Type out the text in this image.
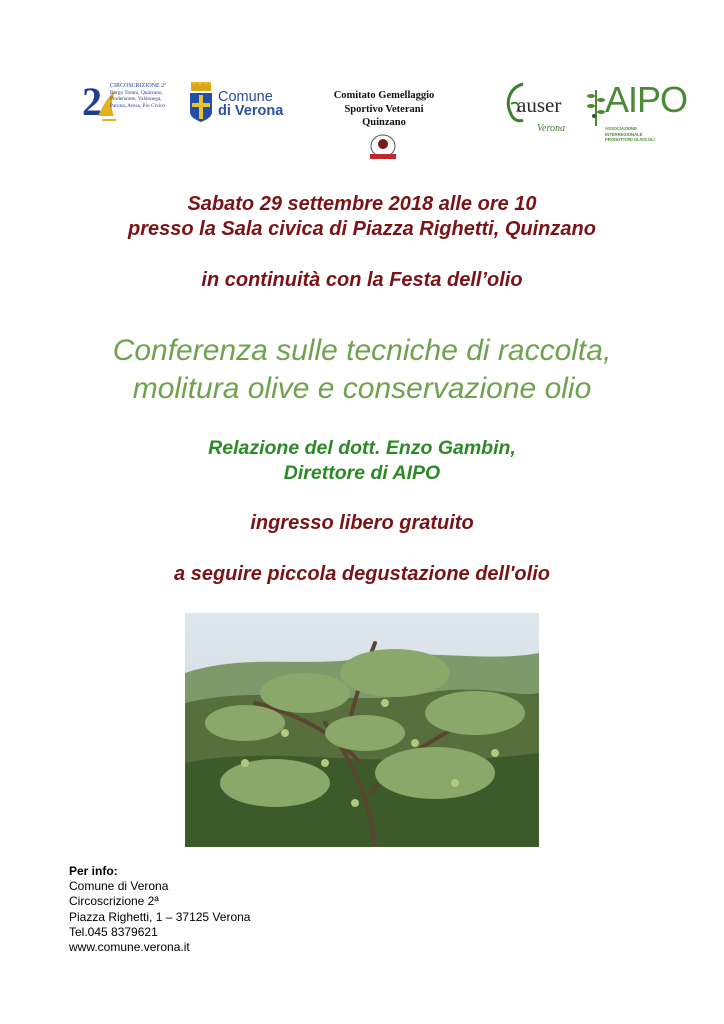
2 CIRCOSCRIZIONE 2ª
Borgo Trento, Quinzano,
Pindemonte, Valdonega,
Parona, Avesa, Pio Civico
Comune
di Verona
Comitato Gemellaggio
Sportivo Veterani
Quinzano
auser
Verona
AIPO
ASSOCIAZIONE INTERREGIONALE PRODUTTORI OLIVICOLI
Sabato 29 settembre 2018 alle ore 10
presso la Sala civica di Piazza Righetti, Quinzano
in continuità con la Festa dell’olio
Conferenza sulle tecniche di raccolta,
molitura olive e conservazione olio
Relazione del dott. Enzo Gambin,
Direttore di AIPO
ingresso libero gratuito
a seguire piccola degustazione dell'olio
Per info:
Comune di Verona
Circoscrizione 2ª
Piazza Righetti, 1 – 37125 Verona
Tel.045 8379621
www.comune.verona.it
